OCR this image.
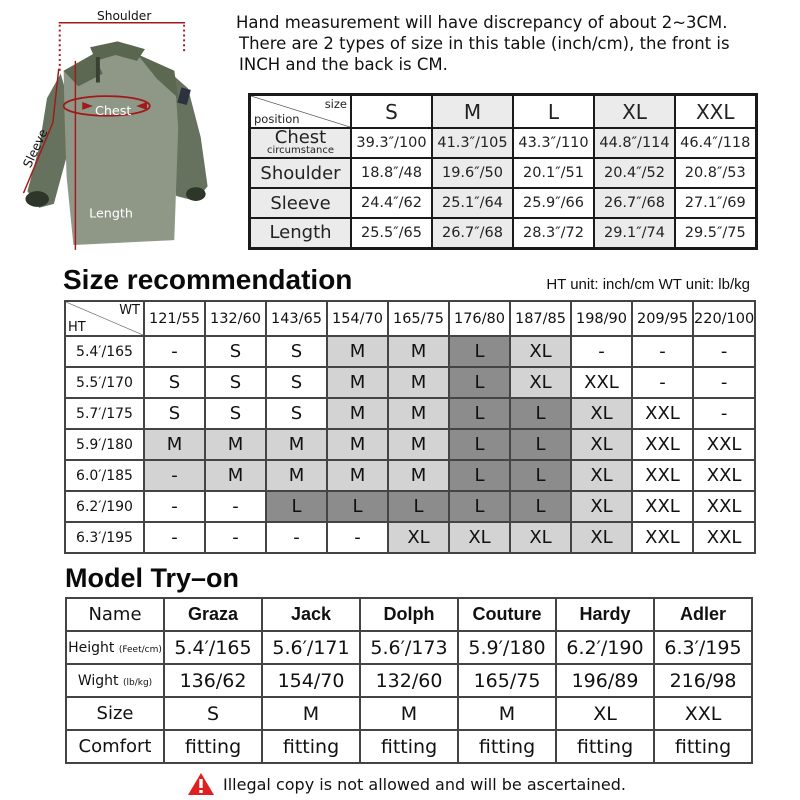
Shoulder
Chest
Length
Sleeve
Hand measurement will have discrepancy of about 2~3CM.
There are 2 types of size in this table (inch/cm), the front is
INCH and the back is CM.
size
position	S	M	L	XL	XXL

Chest
circumstance	39.3″/100	41.3″/105	43.3″/110	44.8″/114	46.4″/118
Shoulder	18.8″/48	19.6″/50	20.1″/51	20.4″/52	20.8″/53
Sleeve	24.4″/62	25.1″/64	25.9″/66	26.7″/68	27.1″/69
Length	25.5″/65	26.7″/68	28.3″/72	29.1″/74	29.5″/75
Size recommendation	HT unit: inch/cm WT unit: lb/kg
WT
HT	121/55	132/60	143/65	154/70	165/75	176/80	187/85	198/90	209/95	220/100
5.4′/165	-	S	S	M	M	L	XL	-	-	-
5.5′/170	S	S	S	M	M	L	XL	XXL	-	-
5.7′/175	S	S	S	M	M	L	L	XL	XXL	-
5.9′/180	M	M	M	M	M	L	L	XL	XXL	XXL
6.0′/185	-	M	M	M	M	L	L	XL	XXL	XXL
6.2′/190	-	-	L	L	L	L	L	XL	XXL	XXL
6.3′/195	-	-	-	-	XL	XL	XL	XL	XXL	XXL
Model Try–on
Name	Graza	Jack	Dolph	Couture	Hardy	Adler
Height (Feet/cm)	5.4′/165	5.6′/171	5.6′/173	5.9′/180	6.2′/190	6.3′/195
Wight (lb/kg)	136/62	154/70	132/60	165/75	196/89	216/98
Size	S	M	M	M	XL	XXL
Comfort	fitting	fitting	fitting	fitting	fitting	fitting
Illegal copy is not allowed and will be ascertained.
